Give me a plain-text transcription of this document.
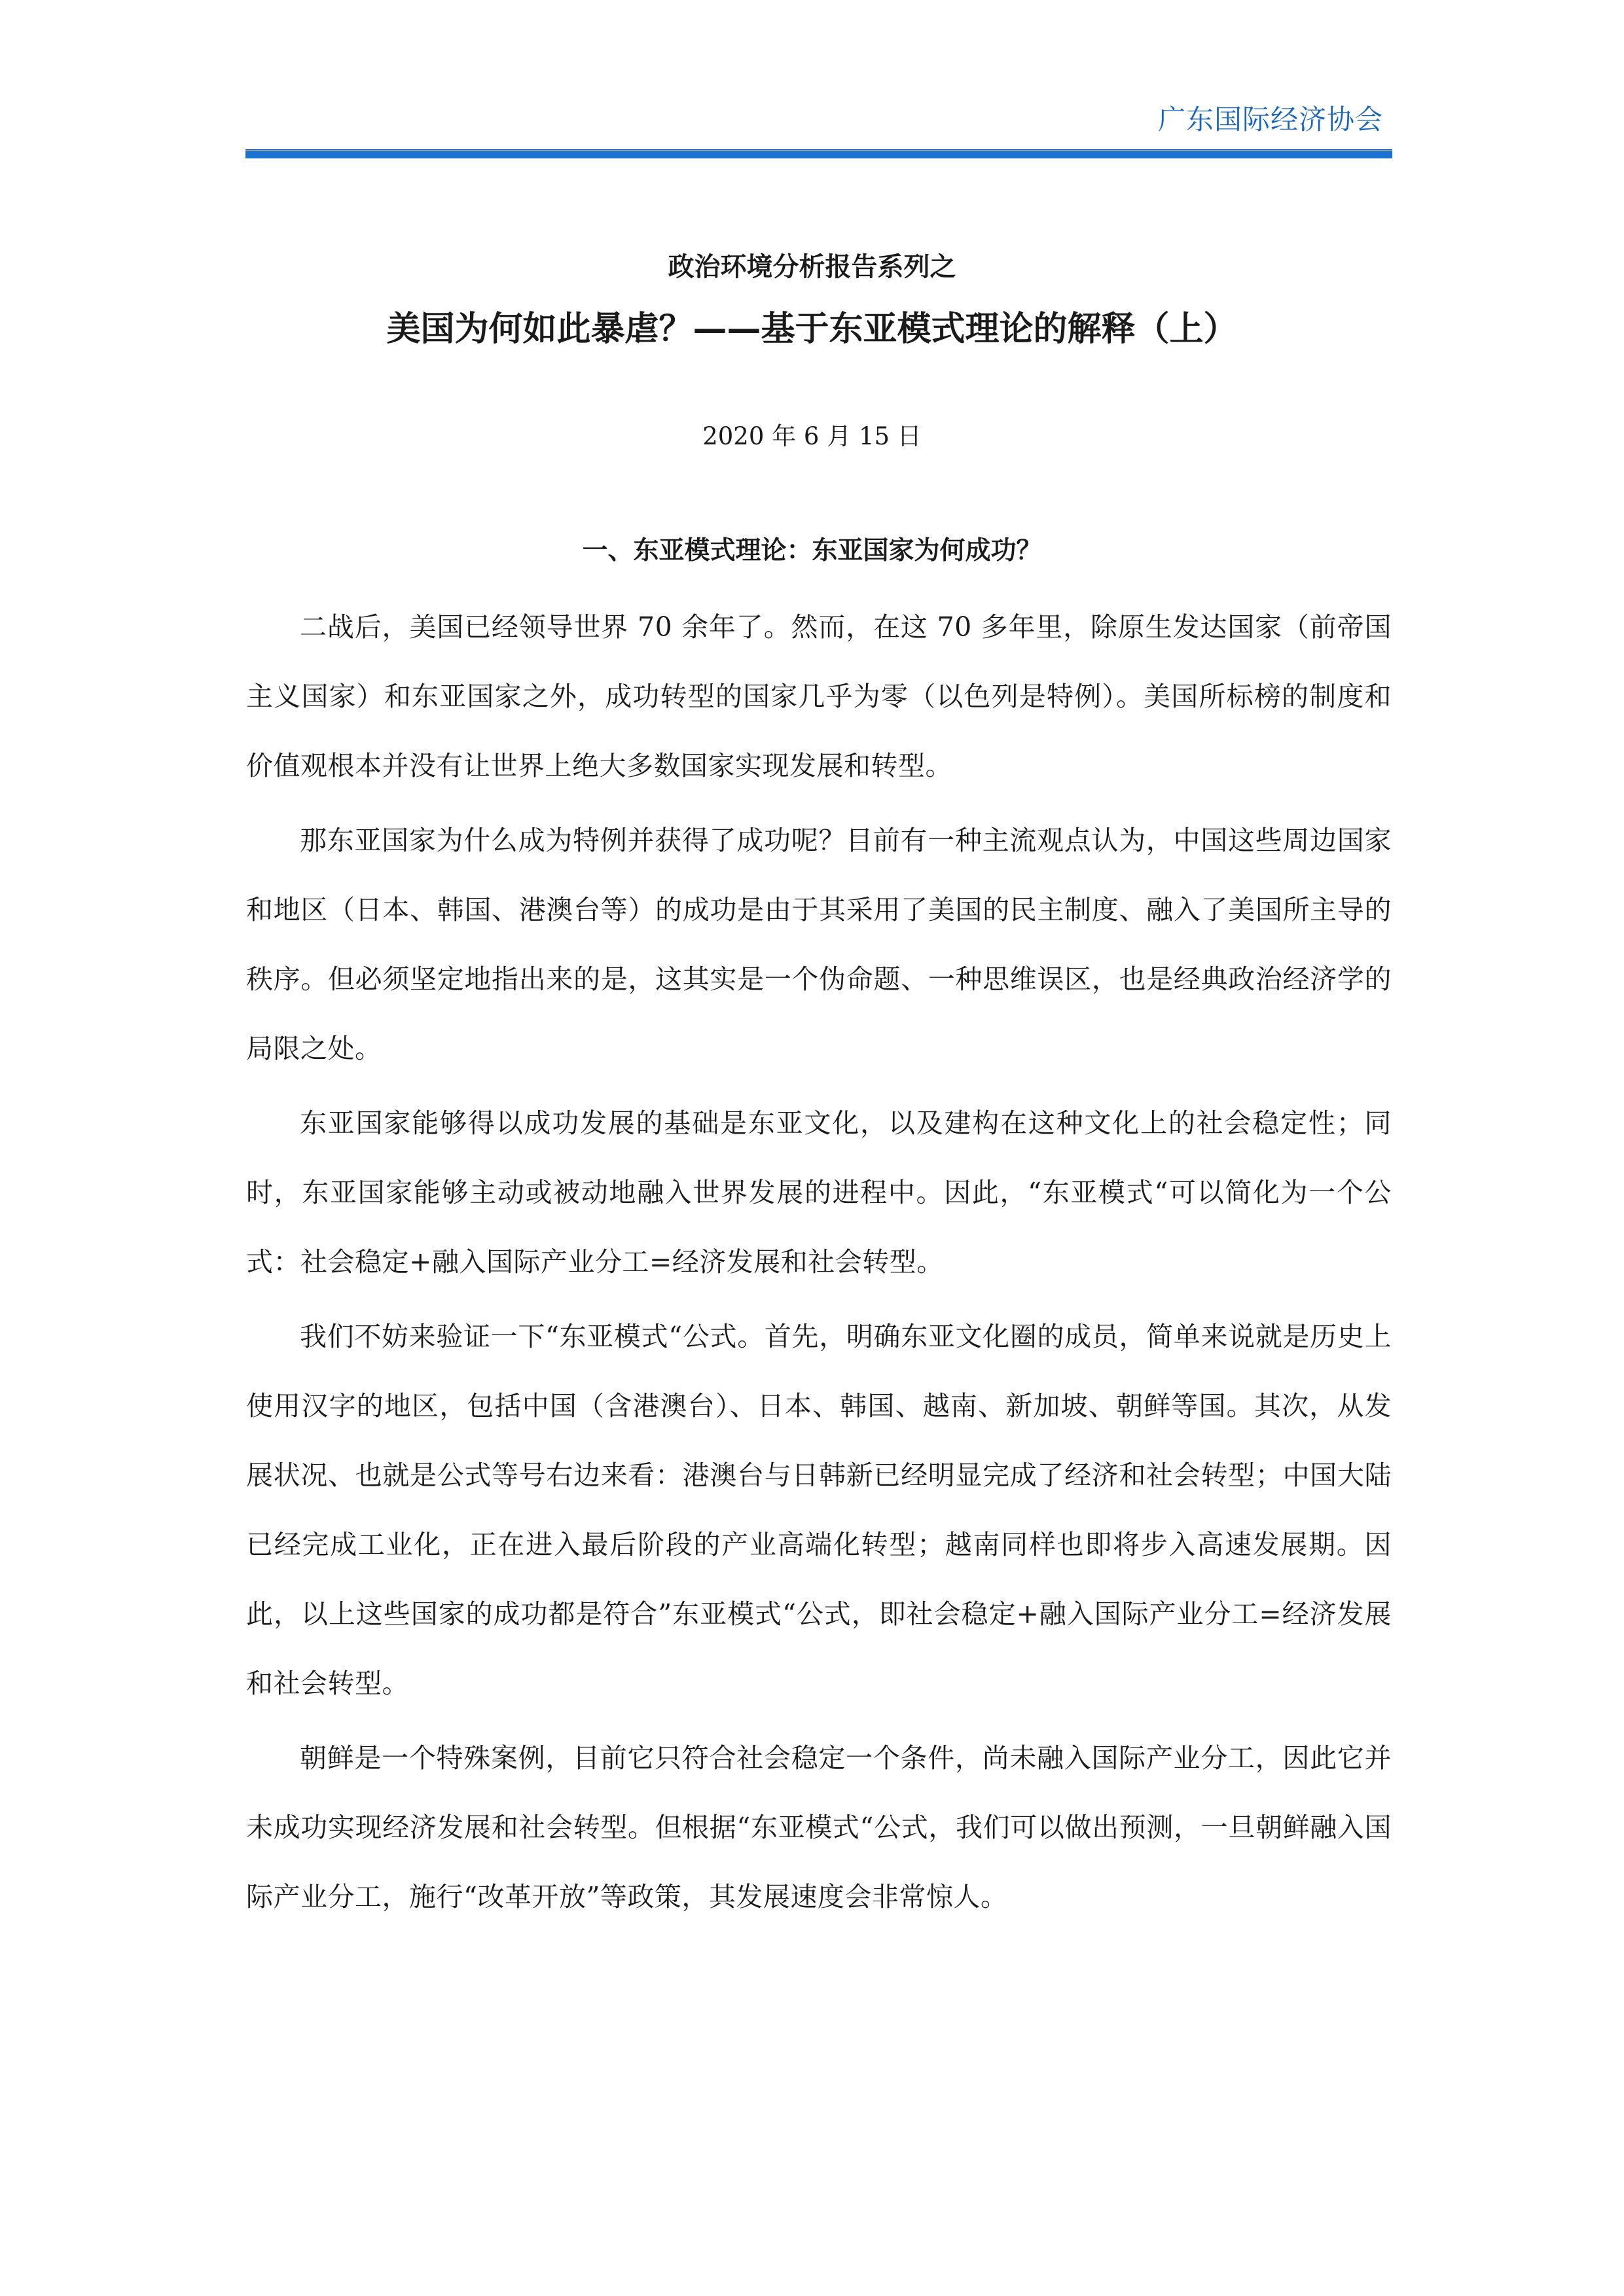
广东国际经济协会
政治环境分析报告系列之
美国为何如此暴虐？——基于东亚模式理论的解释（上）
2020 年 6 月 15 日
一、东亚模式理论：东亚国家为何成功？

二战后，美国已经领导世界 70 余年了。然而，在这 70 多年里，除原生发达国家（前帝国主义国家）和东亚国家之外，成功转型的国家几乎为零（以色列是特例）。美国所标榜的制度和价值观根本并没有让世界上绝大多数国家实现发展和转型。

那东亚国家为什么成为特例并获得了成功呢？目前有一种主流观点认为，中国这些周边国家和地区（日本、韩国、港澳台等）的成功是由于其采用了美国的民主制度、融入了美国所主导的秩序。但必须坚定地指出来的是，这其实是一个伪命题、一种思维误区，也是经典政治经济学的局限之处。

东亚国家能够得以成功发展的基础是东亚文化，以及建构在这种文化上的社会稳定性；同时，东亚国家能够主动或被动地融入世界发展的进程中。因此，“东亚模式“可以简化为一个公式：社会稳定+融入国际产业分工=经济发展和社会转型。

我们不妨来验证一下“东亚模式“公式。首先，明确东亚文化圈的成员，简单来说就是历史上使用汉字的地区，包括中国（含港澳台）、日本、韩国、越南、新加坡、朝鲜等国。其次，从发展状况、也就是公式等号右边来看：港澳台与日韩新已经明显完成了经济和社会转型；中国大陆已经完成工业化，正在进入最后阶段的产业高端化转型；越南同样也即将步入高速发展期。因此，以上这些国家的成功都是符合”东亚模式“公式，即社会稳定+融入国际产业分工=经济发展和社会转型。

朝鲜是一个特殊案例，目前它只符合社会稳定一个条件，尚未融入国际产业分工，因此它并未成功实现经济发展和社会转型。但根据“东亚模式“公式，我们可以做出预测，一旦朝鲜融入国际产业分工，施行“改革开放”等政策，其发展速度会非常惊人。
